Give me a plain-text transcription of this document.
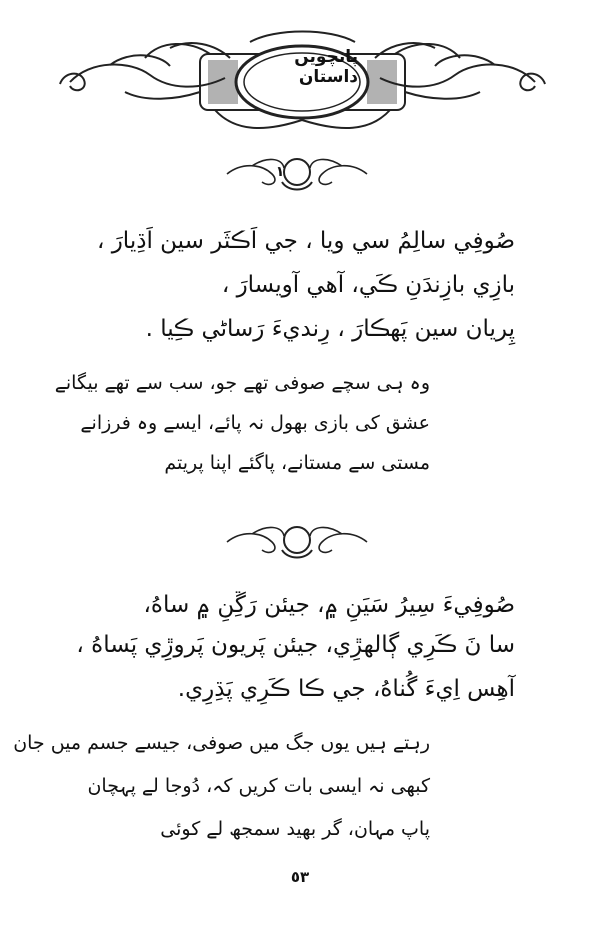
پانچویں داستان
١
صُوفِي سالِمُ سي ويا ، جي اَڪثَر سين اَڌِيارَ ،
بازِي بازِندَنِ ڪَي، آهي آويسارَ ،
پِريان سين پَهڪارَ ، رِنديءَ رَساڻي ڪِيا .
وہ ہی سچے صوفی تھے جو، سب سے تھے بیگانے
عشق کی بازی بھول نہ پائے، ایسے وہ فرزانے
مستی سے مستانے، پاگئے اپنا پریتم
صُوفِيءَ سِيرُ سَيَنِ ۾، جيئن رَڱِنِ ۾ ساهُ،
سا نَ ڪَرِي ڳالهڙِي، جيئن پَريون پَروڙِي پَساهُ ،
آهِس اِيءَ گُناهُ، جي ڪا ڪَرِي پَڌِرِي.
رہتے ہیں یوں جگ میں صوفی، جیسے جسم میں جان
کبھی نہ ایسی بات کریں کہ، دُوجا لے پہچان
پاپ مہان، گر بھید سمجھ لے کوئی
٥٣
